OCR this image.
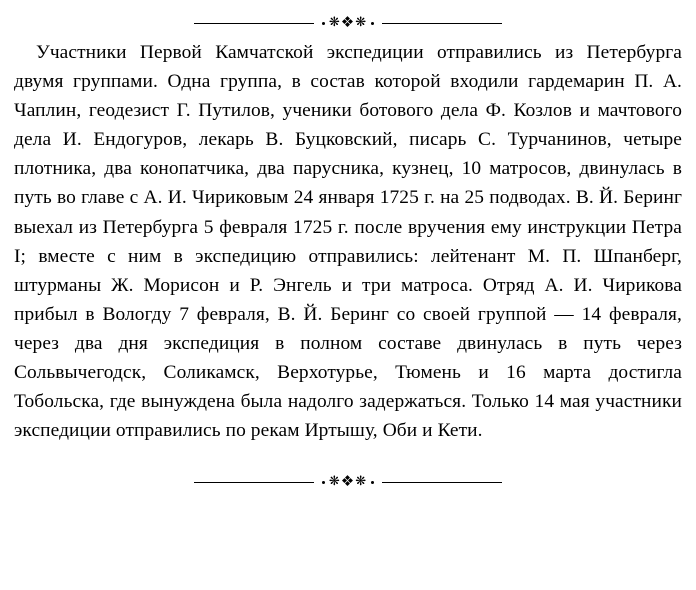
❋ ❖ ❋

Участники Первой Камчатской экспедиции отправились из Петербурга двумя группами. Одна группа, в состав которой входили гардемарин П. А. Чаплин, геодезист Г. Путилов, ученики ботового дела Ф. Козлов и мачтового дела И. Ендогуров, лекарь В. Буцковский, писарь С. Турчанинов, четыре плотника, два конопатчика, два парусника, кузнец, 10 матросов, двинулась в путь во главе с А. И. Чириковым 24 января 1725 г. на 25 подводах. В. Й. Беринг выехал из Петербурга 5 февраля 1725 г. после вручения ему инструкции Петра I; вместе с ним в экспедицию отправились: лейтенант М. П. Шпанберг, штурманы Ж. Морисон и Р. Энгель и три матроса. Отряд А. И. Чирикова прибыл в Вологду 7 февраля, В. Й. Беринг со своей группой — 14 февраля, через два дня экспедиция в полном составе двинулась в путь через Сольвычегодск, Соликамск, Верхотурье, Тюмень и 16 марта достигла Тобольска, где вынуждена была надолго задержаться. Только 14 мая участники экспедиции отправились по рекам Иртышу, Оби и Кети.

❋ ❖ ❋
